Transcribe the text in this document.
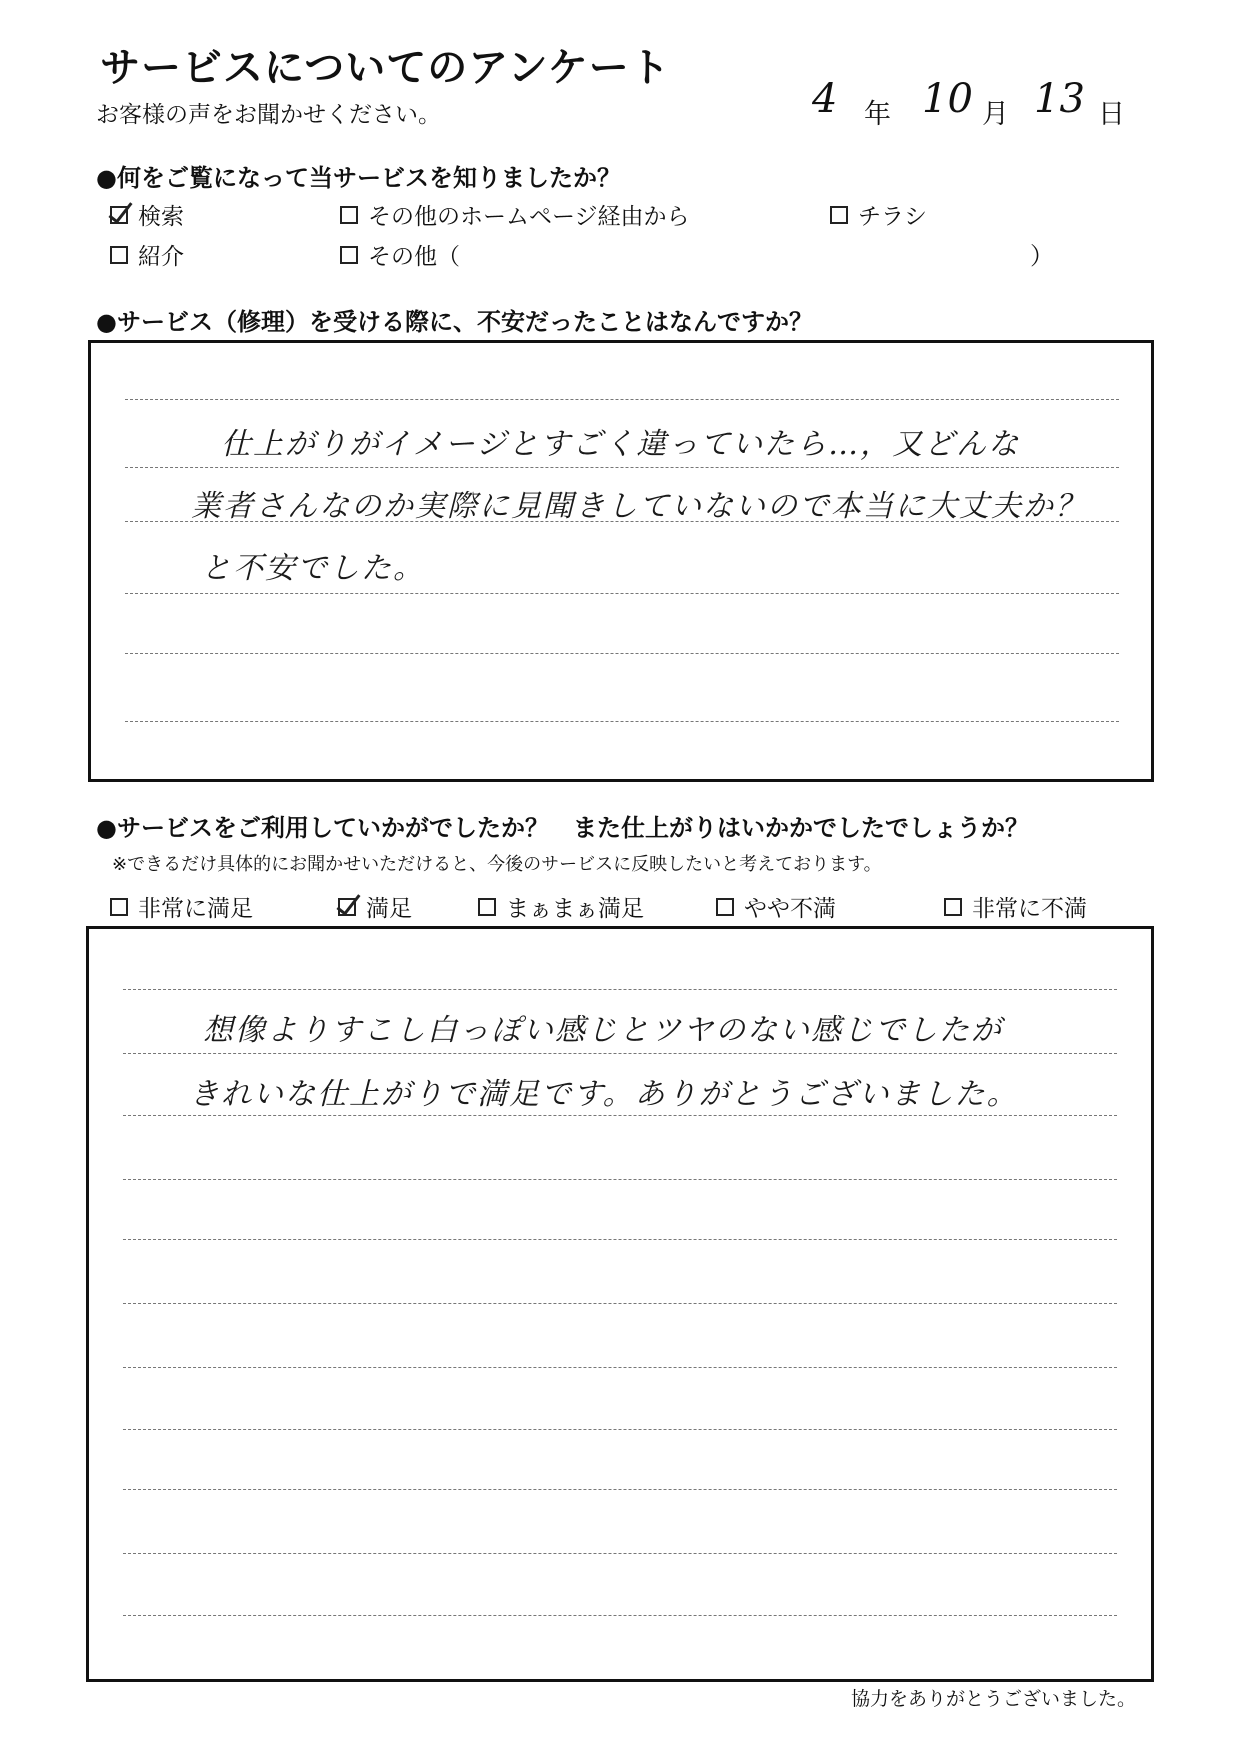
サービスについてのアンケート
お客様の声をお聞かせください。	4 年 10 月 13 日
●何をご覧になって当サービスを知りましたか？
検索	その他のホームページ経由から	チラシ
紹介	その他（	）
●サービス（修理）を受ける際に、不安だったことはなんですか？
仕上がりがイメージとすごく違っていたら…，又どんな
業者さんなのか実際に見聞きしていないので本当に大丈夫か？
と不安でした。
●サービスをご利用していかがでしたか？　また仕上がりはいかかでしたでしょうか？
※できるだけ具体的にお聞かせいただけると、今後のサービスに反映したいと考えております。
非常に満足	満足	まぁまぁ満足	やや不満	非常に不満
想像よりすこし白っぽい感じとツヤのない感じでしたが
きれいな仕上がりで満足です。ありがとうございました。
協力をありがとうございました。
